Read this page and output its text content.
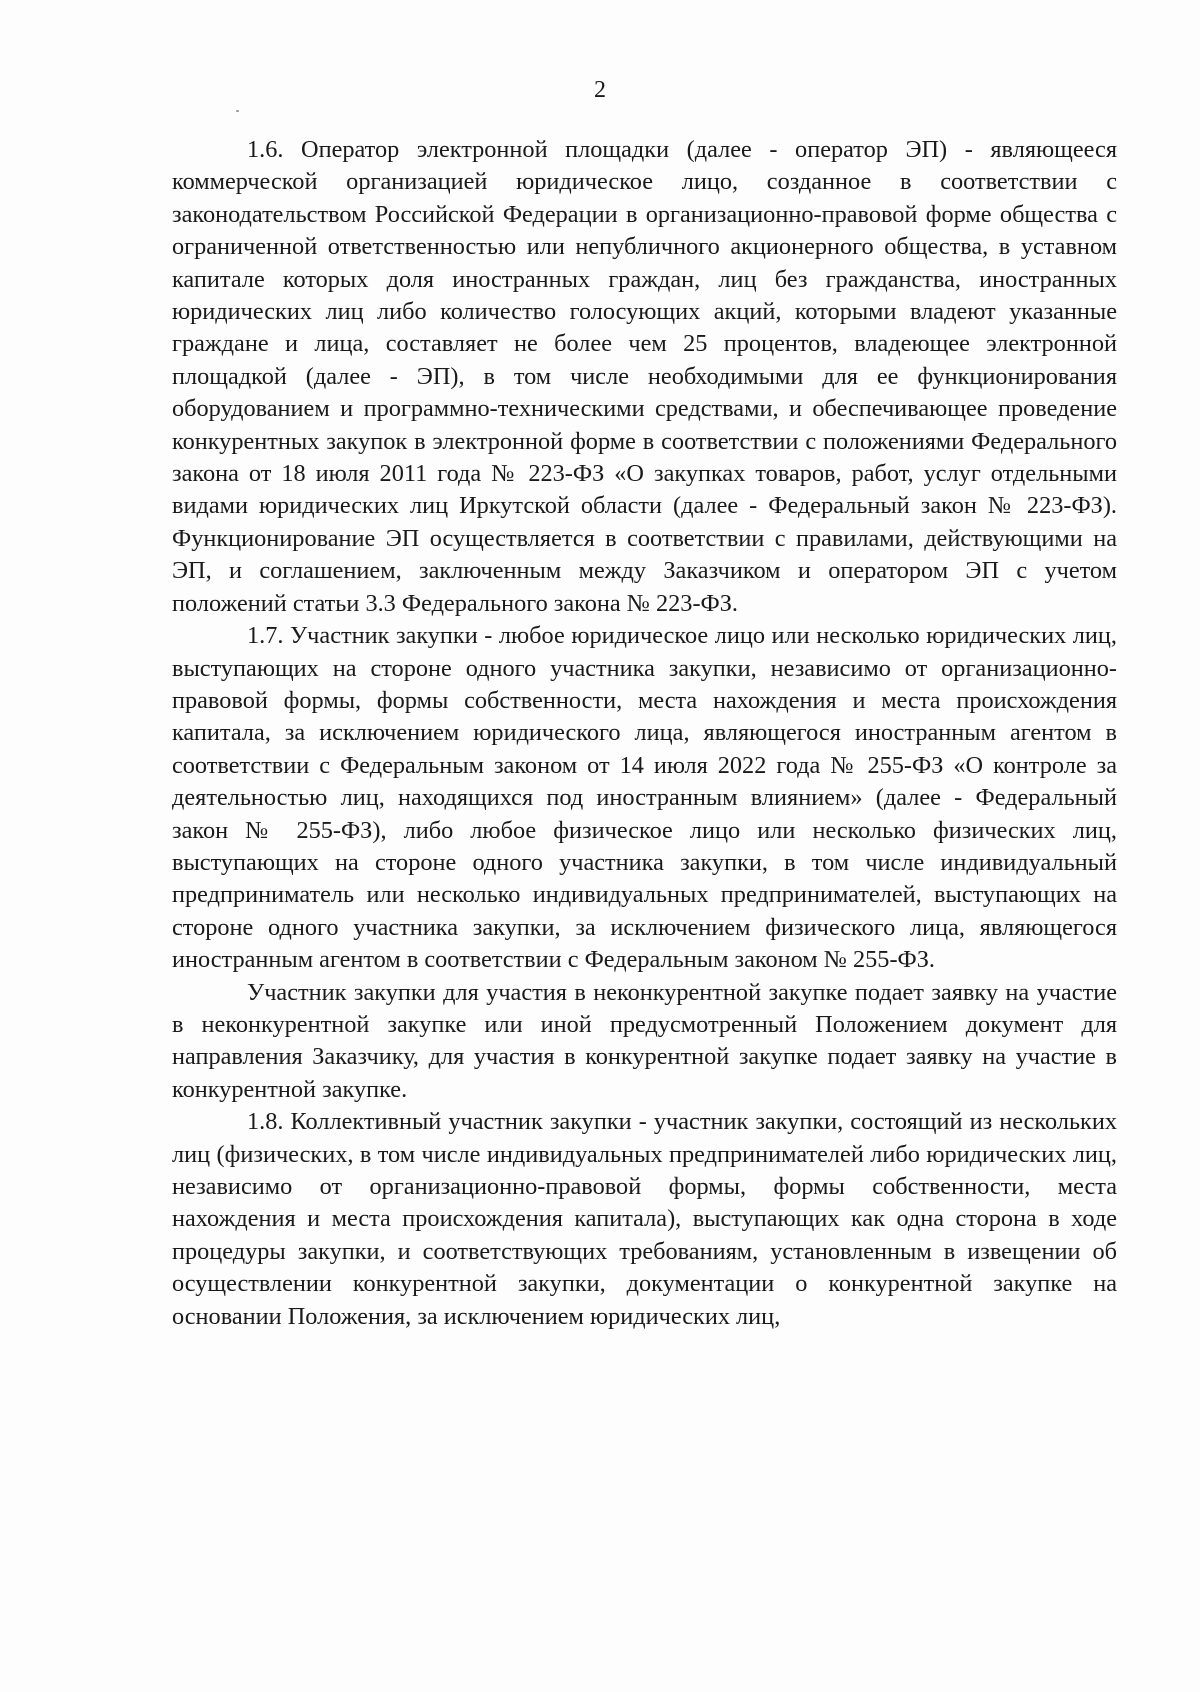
2

1.6. Оператор электронной площадки (далее - оператор ЭП) - являющееся коммерческой организацией юридическое лицо, созданное в соответствии с законодательством Российской Федерации в организационно-правовой форме общества с ограниченной ответственностью или непубличного акционерного общества, в уставном капитале которых доля иностранных граждан, лиц без гражданства, иностранных юридических лиц либо количество голосующих акций, которыми владеют указанные граждане и лица, составляет не более чем 25 процентов, владеющее электронной площадкой (далее - ЭП), в том числе необходимыми для ее функционирования оборудованием и программно-техническими средствами, и обеспечивающее проведение конкурентных закупок в электронной форме в соответствии с положениями Федерального закона от 18 июля 2011 года № 223-ФЗ «О закупках товаров, работ, услуг отдельными видами юридических лиц Иркутской области (далее - Федеральный закон № 223-ФЗ). Функционирование ЭП осуществляется в соответствии с правилами, действующими на ЭП, и соглашением, заключенным между Заказчиком и оператором ЭП с учетом положений статьи 3.3 Федерального закона № 223-ФЗ.

1.7. Участник закупки - любое юридическое лицо или несколько юридических лиц, выступающих на стороне одного участника закупки, независимо от организационно-правовой формы, формы собственности, места нахождения и места происхождения капитала, за исключением юридического лица, являющегося иностранным агентом в соответствии с Федеральным законом от 14 июля 2022 года № 255-ФЗ «О контроле за деятельностью лиц, находящихся под иностранным влиянием» (далее - Федеральный закон № 255-ФЗ), либо любое физическое лицо или несколько физических лиц, выступающих на стороне одного участника закупки, в том числе индивидуальный предприниматель или несколько индивидуальных предпринимателей, выступающих на стороне одного участника закупки, за исключением физического лица, являющегося иностранным агентом в соответствии с Федеральным законом № 255-ФЗ.

Участник закупки для участия в неконкурентной закупке подает заявку на участие в неконкурентной закупке или иной предусмотренный Положением документ для направления Заказчику, для участия в конкурентной закупке подает заявку на участие в конкурентной закупке.

1.8. Коллективный участник закупки - участник закупки, состоящий из нескольких лиц (физических, в том числе индивидуальных предпринимателей либо юридических лиц, независимо от организационно-правовой формы, формы собственности, места нахождения и места происхождения капитала), выступающих как одна сторона в ходе процедуры закупки, и соответствующих требованиям, установленным в извещении об осуществлении конкурентной закупки, документации о конкурентной закупке на основании Положения, за исключением юридических лиц,
